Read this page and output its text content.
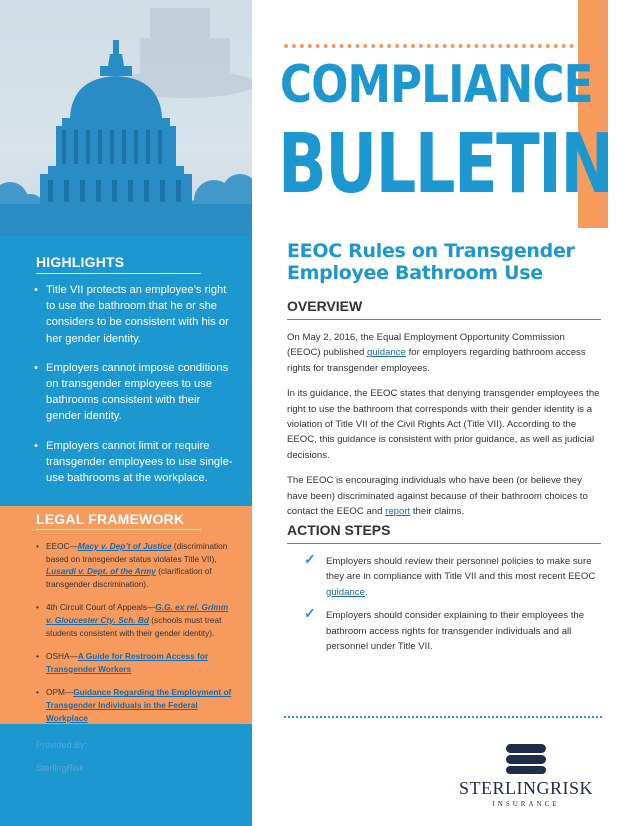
HIGHLIGHTS
• Title VII protects an employee’s right to use the bathroom that he or she considers to be consistent with his or her gender identity.
• Employers cannot impose conditions on transgender employees to use bathrooms consistent with their gender identity.
• Employers cannot limit or require transgender employees to use single-use bathrooms at the workplace.
LEGAL FRAMEWORK
• EEOC—Macy v. Dep’t of Justice (discrimination based on transgender status violates Title VII), Lusardi v. Dept. of the Army (clarification of transgender discrimination).
• 4th Circuit Court of Appeals—G.G. ex rel. Grimm v. Gloucester Cty. Sch. Bd (schools must treat students consistent with their gender identity).
• OSHA—A Guide for Restroom Access for Transgender Workers
• OPM—Guidance Regarding the Employment of Transgender Individuals in the Federal Workplace
Provided By:
SterlingRisk
COMPLIANCE
BULLETIN
EEOC Rules on Transgender Employee Bathroom Use
OVERVIEW

On May 2, 2016, the Equal Employment Opportunity Commission (EEOC) published guidance for employers regarding bathroom access rights for transgender employees.

In its guidance, the EEOC states that denying transgender employees the right to use the bathroom that corresponds with their gender identity is a violation of Title VII of the Civil Rights Act (Title VII). According to the EEOC, this guidance is consistent with prior guidance, as well as judicial decisions.

The EEOC is encouraging individuals who have been (or believe they have been) discriminated against because of their bathroom choices to contact the EEOC and report their claims.

ACTION STEPS
✓ Employers should review their personnel policies to make sure they are in compliance with Title VII and this most recent EEOC guidance.
✓ Employers should consider explaining to their employees the bathroom access rights for transgender individuals and all personnel under Title VII.
STERLINGRISK
INSURANCE
